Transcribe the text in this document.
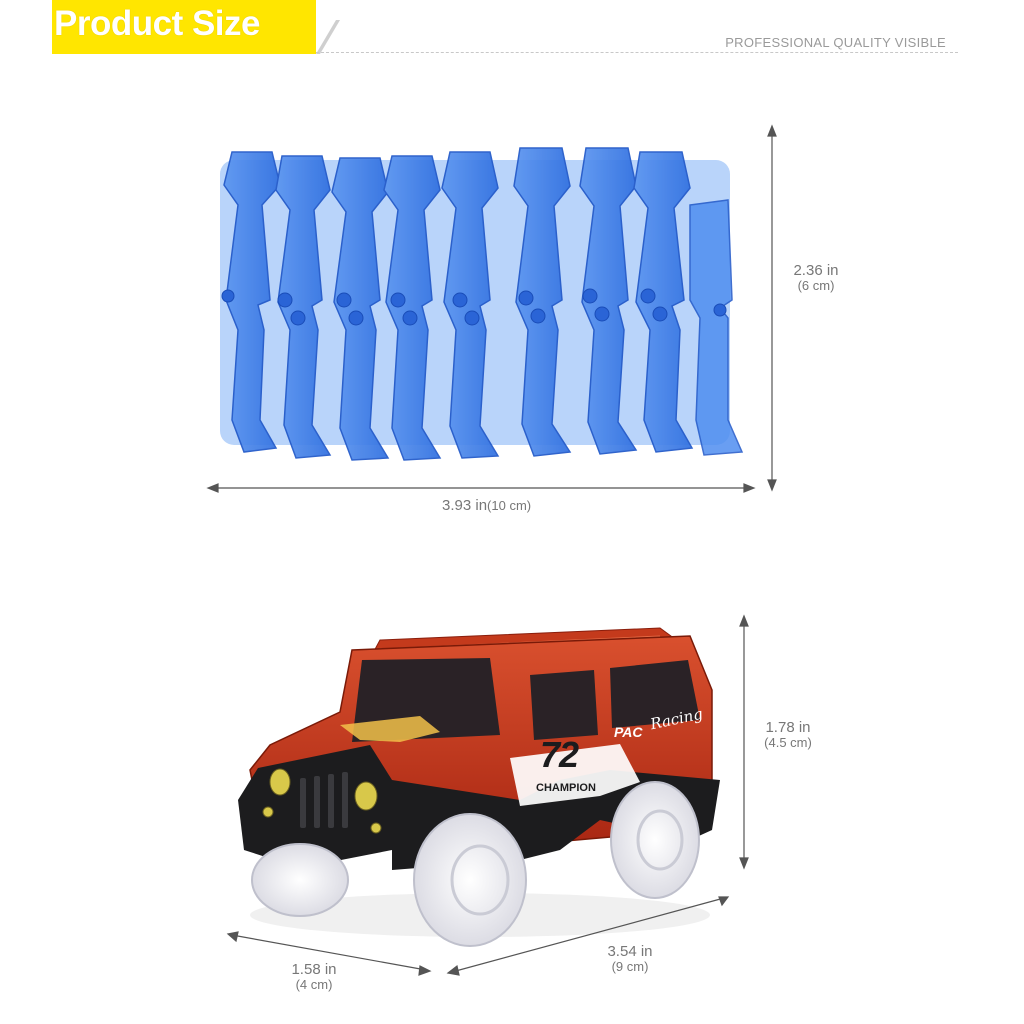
Product Size	PROFESSIONAL QUALITY VISIBLE
2.36 in
(6 cm)
3.93 in(10 cm)
72
CHAMPION
PAC Racing	1.78 in
(4.5 cm)
3.54 in
(9 cm)
1.58 in
(4 cm)
